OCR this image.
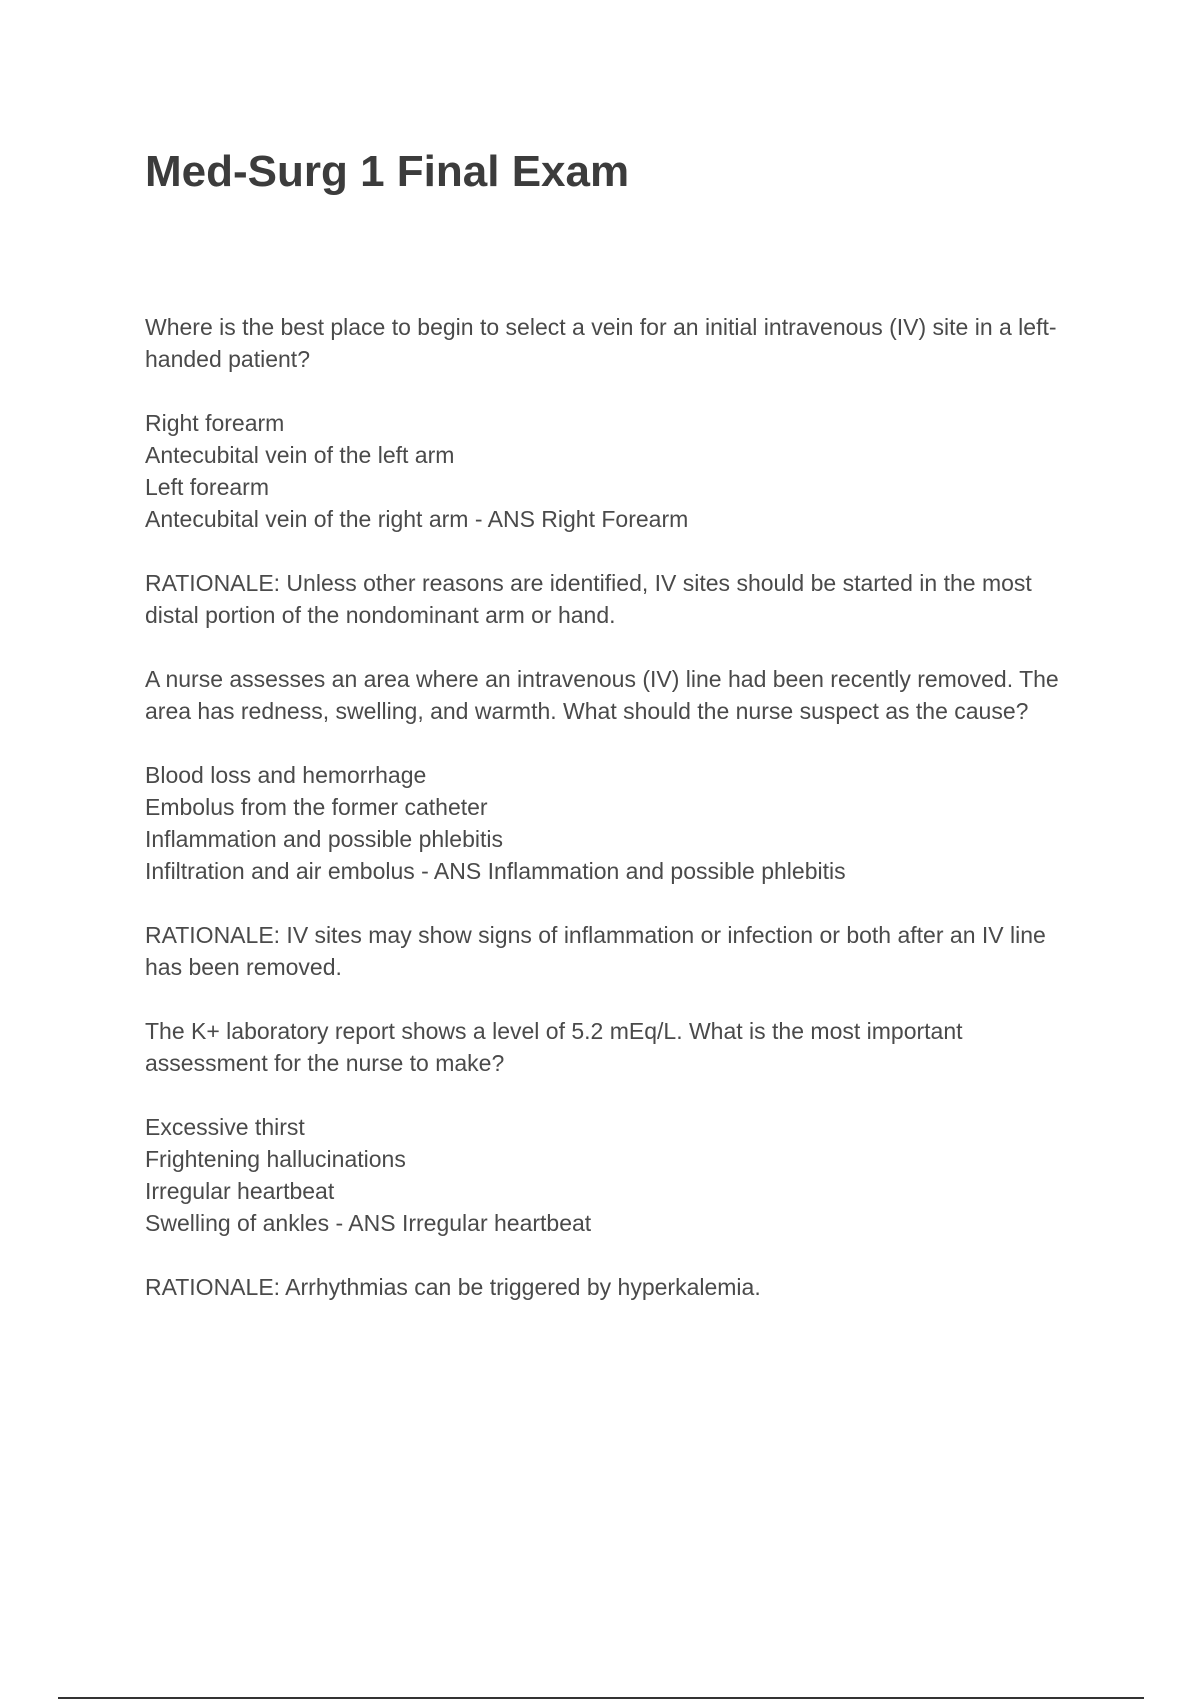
Med-Surg 1 Final Exam

Where is the best place to begin to select a vein for an initial intravenous (IV) site in a left-handed patient?

Right forearm
Antecubital vein of the left arm
Left forearm
Antecubital vein of the right arm - ANS Right Forearm

RATIONALE: Unless other reasons are identified, IV sites should be started in the most distal portion of the nondominant arm or hand.

A nurse assesses an area where an intravenous (IV) line had been recently removed. The area has redness, swelling, and warmth. What should the nurse suspect as the cause?

Blood loss and hemorrhage
Embolus from the former catheter
Inflammation and possible phlebitis
Infiltration and air embolus - ANS Inflammation and possible phlebitis

RATIONALE: IV sites may show signs of inflammation or infection or both after an IV line has been removed.

The K+ laboratory report shows a level of 5.2 mEq/L. What is the most important assessment for the nurse to make?

Excessive thirst
Frightening hallucinations
Irregular heartbeat
Swelling of ankles - ANS Irregular heartbeat

RATIONALE: Arrhythmias can be triggered by hyperkalemia.
